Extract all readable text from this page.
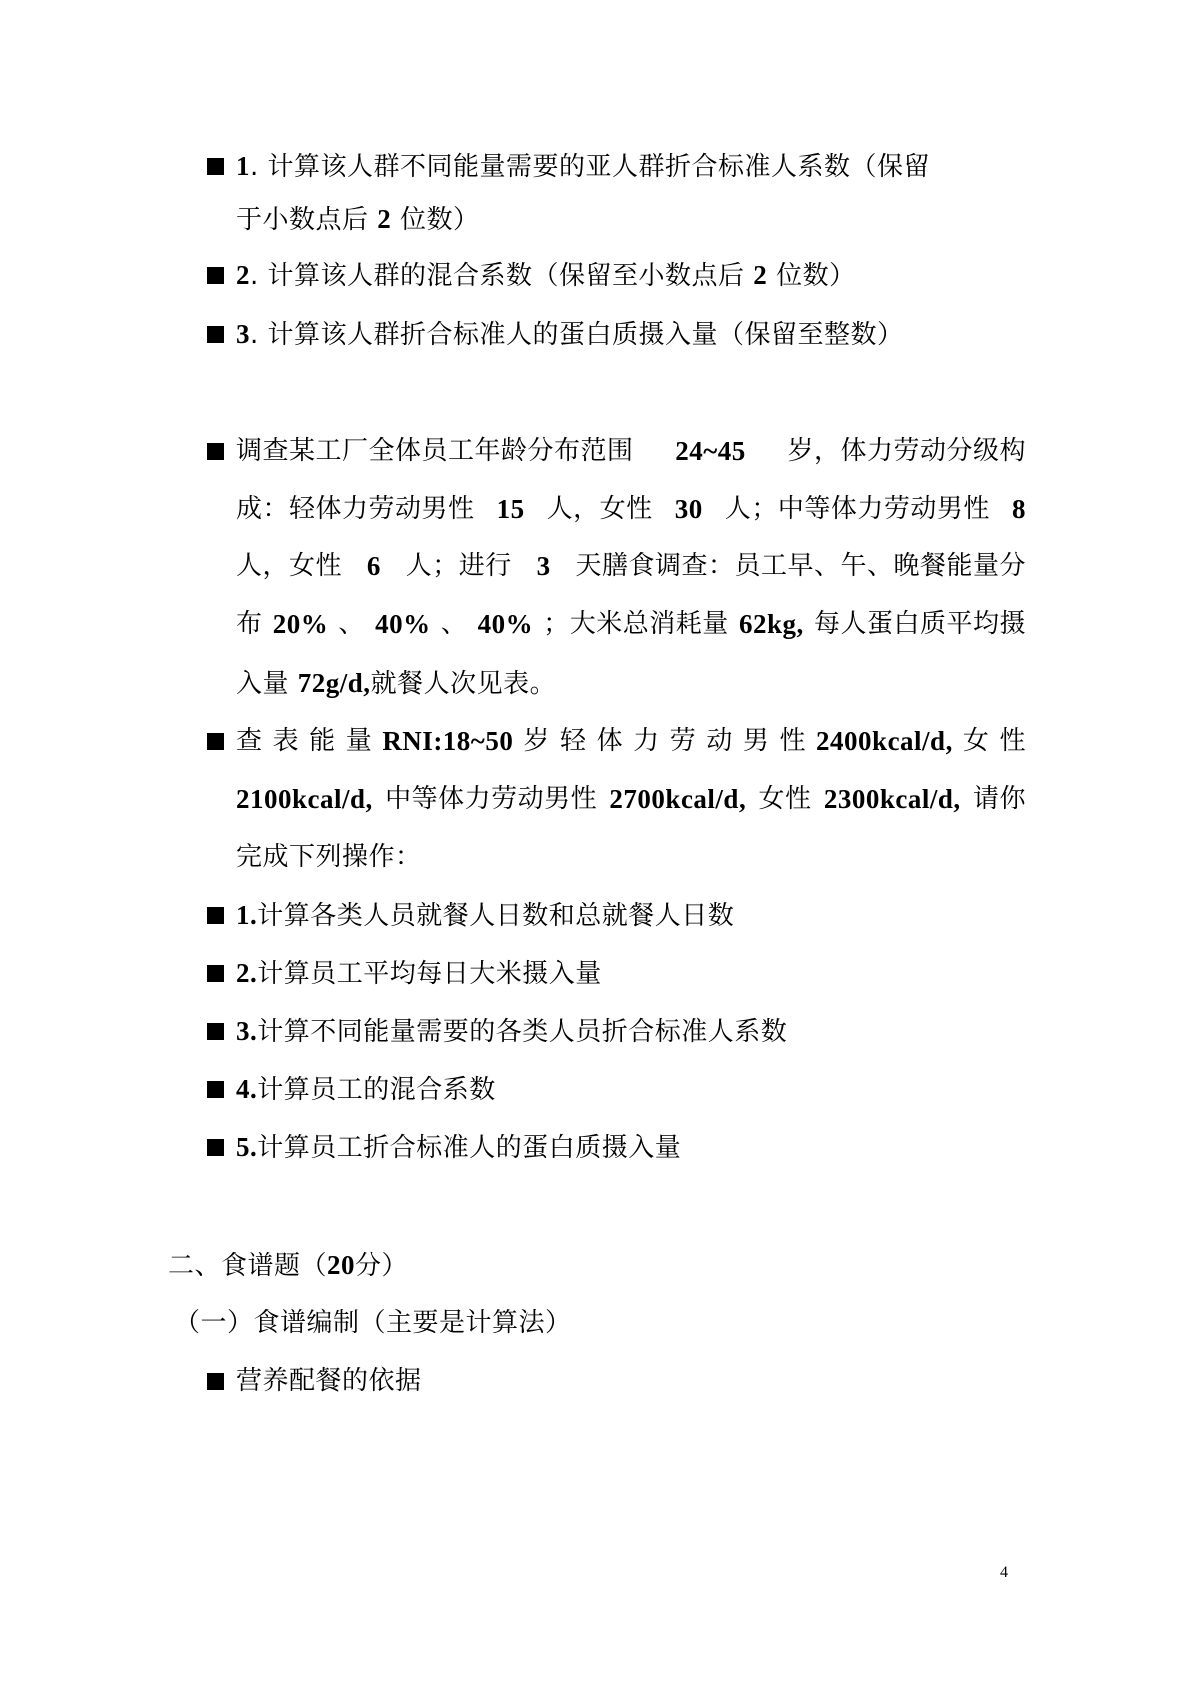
1. 计算该人群不同能量需要的亚人群折合标准人系数（保留
于小数点后 2 位数）
2. 计算该人群的混合系数（保留至小数点后 2 位数）
3. 计算该人群折合标准人的蛋白质摄入量（保留至整数）
调查某工厂全体员工年龄分布范围 24~45 岁，体力劳动分级构
成：轻体力劳动男性 15 人，女性 30 人；中等体力劳动男性 8
人，女性 6 人；进行 3 天膳食调查：员工早、午、晚餐能量分
布 20% 、 40% 、 40% ；大米总消耗量 62kg, 每人蛋白质平均摄
入量 72g/d,就餐人次见表。
查 表 能 量 RNI:18~50 岁 轻 体 力 劳 动 男 性 2400kcal/d, 女 性
2100kcal/d, 中等体力劳动男性 2700kcal/d, 女性 2300kcal/d, 请你
完成下列操作：
1.计算各类人员就餐人日数和总就餐人日数
2.计算员工平均每日大米摄入量
3.计算不同能量需要的各类人员折合标准人系数
4.计算员工的混合系数
5.计算员工折合标准人的蛋白质摄入量
二、食谱题（20分）
（一）食谱编制（主要是计算法）
营养配餐的依据
4
